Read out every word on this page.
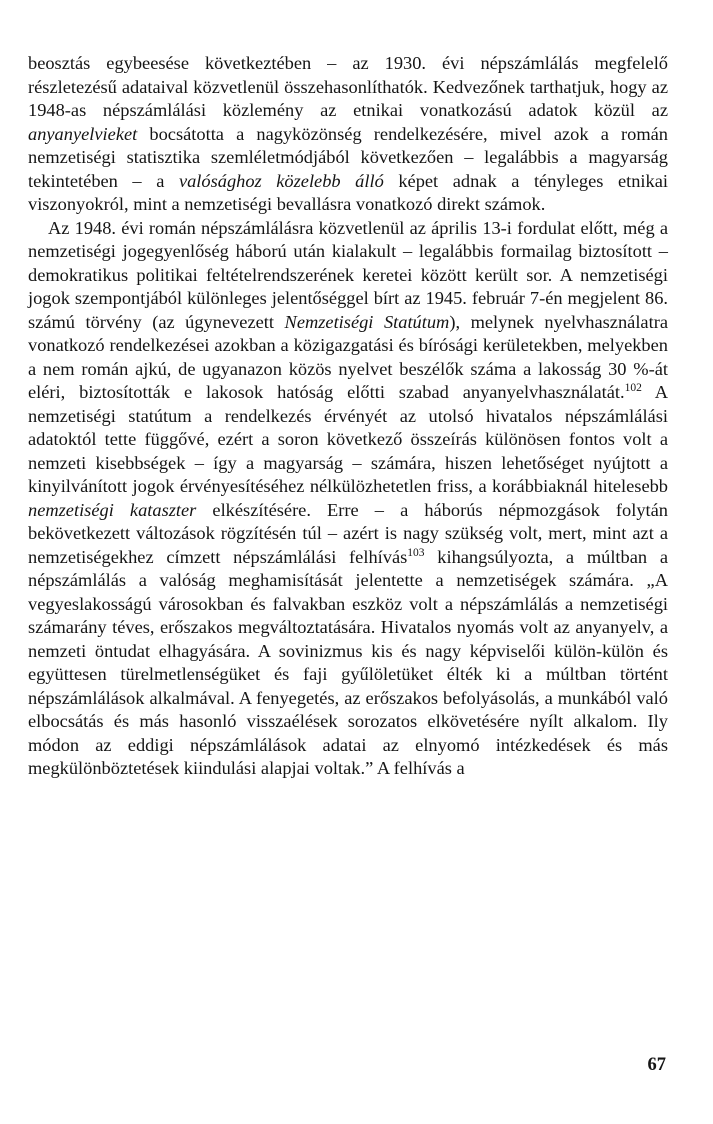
beosztás egybeesése következtében – az 1930. évi népszámlálás megfelelő részletezésű adataival közvetlenül összehasonlíthatók. Kedvezőnek tarthatjuk, hogy az 1948-as népszámlálási közlemény az etnikai vonatkozású adatok közül az anyanyelvieket bocsátotta a nagyközönség rendelkezésére, mivel azok a román nemzetiségi statisztika szemléletmódjából következően – legalábbis a magyarság tekintetében – a valósághoz közelebb álló képet adnak a tényleges etnikai viszonyokról, mint a nemzetiségi bevallásra vonatkozó direkt számok.

Az 1948. évi román népszámlálásra közvetlenül az április 13-i fordulat előtt, még a nemzetiségi jogegyenlőség háború után kialakult – legalábbis formailag biztosított – demokratikus politikai feltételrendszerének keretei között került sor. A nemzetiségi jogok szempontjából különleges jelentőséggel bírt az 1945. február 7-én megjelent 86. számú törvény (az úgynevezett Nemzetiségi Statútum), melynek nyelvhasználatra vonatkozó rendelkezései azokban a közigazgatási és bírósági kerületekben, melyekben a nem román ajkú, de ugyanazon közös nyelvet beszélők száma a lakosság 30 %-át eléri, biztosították e lakosok hatóság előtti szabad anyanyelvhasználatát.$^{102}$ A nemzetiségi statútum a rendelkezés érvényét az utolsó hivatalos népszámlálási adatoktól tette függővé, ezért a soron következő összeírás különösen fontos volt a nemzeti kisebbségek – így a magyarság – számára, hiszen lehetőséget nyújtott a kinyilvánított jogok érvényesítéséhez nélkülözhetetlen friss, a korábbiaknál hitelesebb nemzetiségi kataszter elkészítésére. Erre – a háborús népmozgások folytán bekövetkezett változások rögzítésén túl – azért is nagy szükség volt, mert, mint azt a nemzetiségekhez címzett népszámlálási felhívás$^{103}$ kihangsúlyozta, a múltban a népszámlálás a valóság meghamisítását jelentette a nemzetiségek számára. „A vegyeslakosságú városokban és falvakban eszköz volt a népszámlálás a nemzetiségi számarány téves, erőszakos megváltoztatására. Hivatalos nyomás volt az anyanyelv, a nemzeti öntudat elhagyására. A sovinizmus kis és nagy képviselői külön-külön és együttesen türelmetlenségüket és faji gyűlöletüket élték ki a múltban történt népszámlálások alkalmával. A fenyegetés, az erőszakos befolyásolás, a munkából való elbocsátás és más hasonló visszaélések sorozatos elkövetésére nyílt alkalom. Ily módon az eddigi népszámlálások adatai az elnyomó intézkedések és más megkülönböztetések kiindulási alapjai voltak.” A felhívás a

67
